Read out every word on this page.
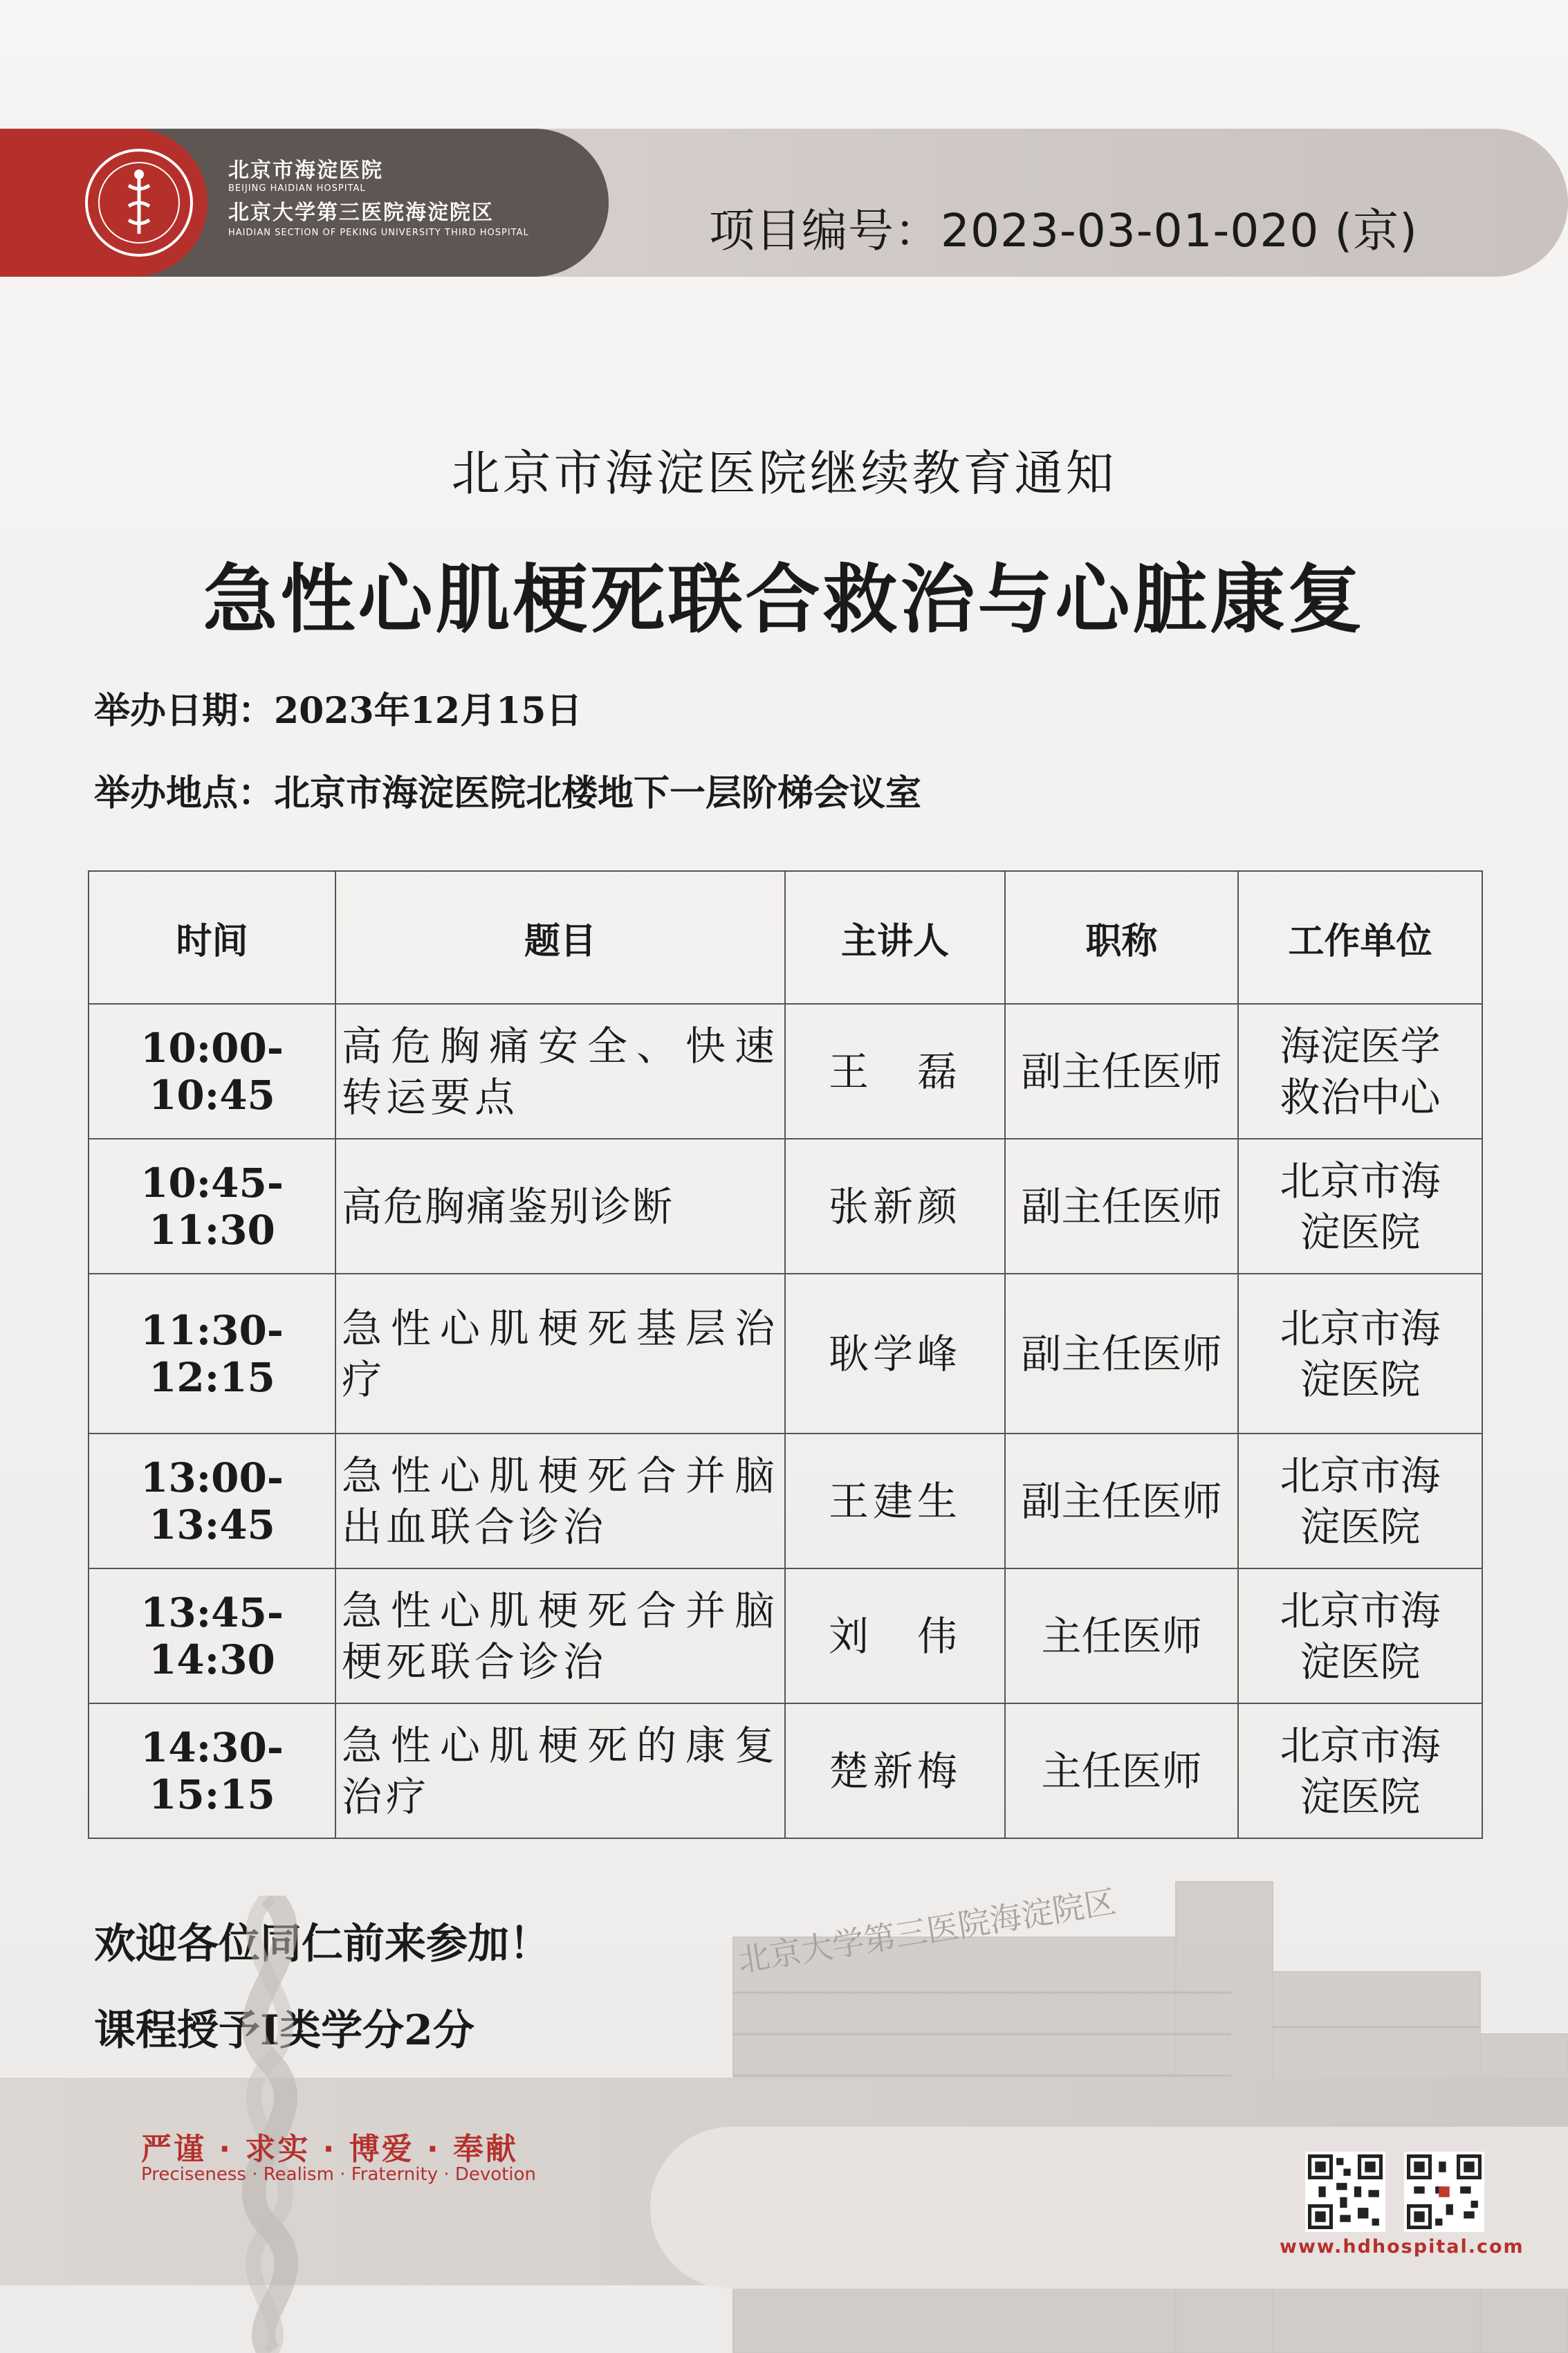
北京大学第三医院海淀院区
北京市海淀医院
BEIJING HAIDIAN HOSPITAL
北京大学第三医院海淀院区
HAIDIAN SECTION OF PEKING UNIVERSITY THIRD HOSPITAL	项目编号：2023-03-01-020 (京)
北京市海淀医院继续教育通知
急性心肌梗死联合救治与心脏康复
举办日期：2023年12月15日
举办地点：北京市海淀医院北楼地下一层阶梯会议室
时间	题目	主讲人	职称	工作单位
10:00-10:45	高危胸痛安全、快速转运要点	王　磊	副主任医师	海淀医学救治中心
10:45-11:30	高危胸痛鉴别诊断	张新颜	副主任医师	北京市海淀医院
11:30-12:15	急性心肌梗死基层治疗	耿学峰	副主任医师	北京市海淀医院
13:00-13:45	急性心肌梗死合并脑出血联合诊治	王建生	副主任医师	北京市海淀医院
13:45-14:30	急性心肌梗死合并脑梗死联合诊治	刘　伟	主任医师	北京市海淀医院
14:30-15:15	急性心肌梗死的康复治疗	楚新梅	主任医师	北京市海淀医院
欢迎各位同仁前来参加！
课程授予I类学分2分
严谨 · 求实 · 博爱 · 奉献
Preciseness · Realism · Fraternity · Devotion
www.hdhospital.com
